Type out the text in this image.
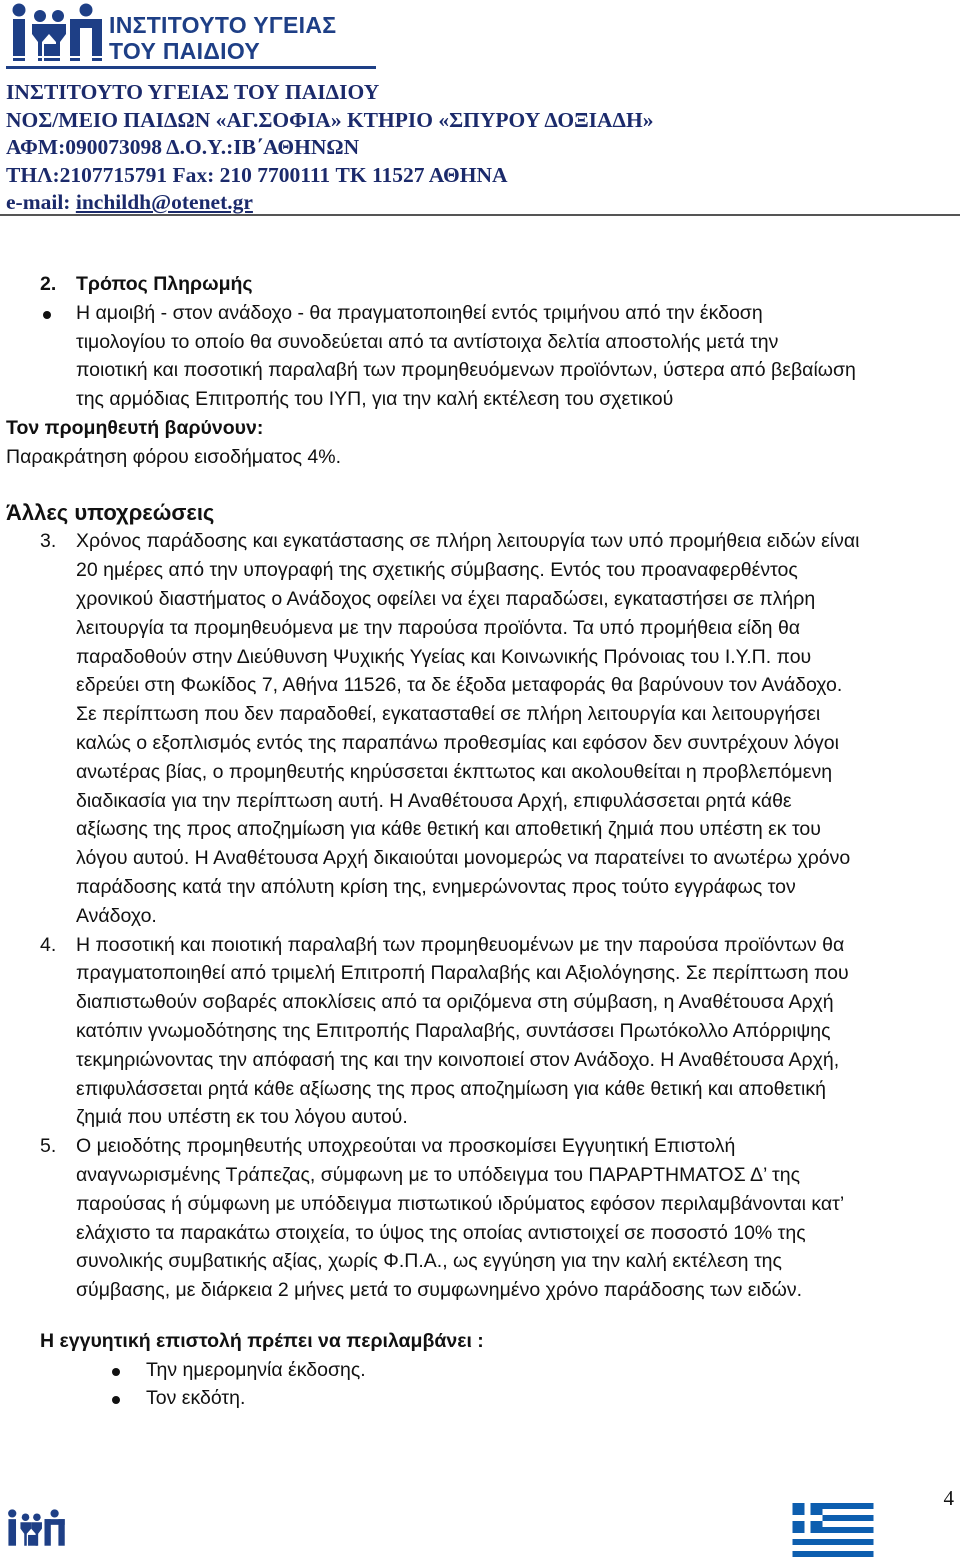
ΙΝΣΤΙΤΟΥΤΟ ΥΓΕΙΑΣ
ΤΟΥ ΠΑΙΔΙΟΥ
ΙΝΣΤΙΤΟΥΤΟ ΥΓΕΙΑΣ ΤΟΥ ΠΑΙΔΙΟΥ
ΝΟΣ/ΜΕΙΟ ΠΑΙΔΩΝ «ΑΓ.ΣΟΦΙΑ» ΚΤΗΡΙΟ «ΣΠΥΡΟΥ ΔΟΞΙΑΔΗ»
ΑΦΜ:090073098 Δ.Ο.Υ.:ΙΒ΄ΑΘΗΝΩΝ
ΤΗΛ:2107715791 Fax: 210 7700111 ΤΚ 11527 ΑΘΗΝΑ
e-mail: inchildh@otenet.gr
2. Τρόπος Πληρωμής
Η αμοιβή - στον ανάδοχο - θα πραγματοποιηθεί εντός τριμήνου από την έκδοση
τιμολογίου το οποίο θα συνοδεύεται από τα αντίστοιχα δελτία αποστολής μετά την
ποιοτική και ποσοτική παραλαβή των προμηθευόμενων προϊόντων, ύστερα από βεβαίωση
της αρμόδιας Επιτροπής του ΙΥΠ, για την καλή εκτέλεση του σχετικού
Τον προμηθευτή βαρύνουν:
Παρακράτηση φόρου εισοδήματος 4%.
Άλλες υποχρεώσεις
3.	Χρόνος παράδοσης και εγκατάστασης σε πλήρη λειτουργία των υπό προμήθεια ειδών είναι
20 ημέρες από την υπογραφή της σχετικής σύμβασης. Εντός του προαναφερθέντος
χρονικού διαστήματος ο Ανάδοχος οφείλει να έχει παραδώσει, εγκαταστήσει σε πλήρη
λειτουργία τα προμηθευόμενα με την παρούσα προϊόντα. Τα υπό προμήθεια είδη θα
παραδοθούν στην Διεύθυνση Ψυχικής Υγείας και Κοινωνικής Πρόνοιας του Ι.Υ.Π. που
εδρεύει στη Φωκίδος 7, Αθήνα 11526, τα δε έξοδα μεταφοράς θα βαρύνουν τον Ανάδοχο.
Σε περίπτωση που δεν παραδοθεί, εγκατασταθεί σε πλήρη λειτουργία και λειτουργήσει
καλώς ο εξοπλισμός εντός της παραπάνω προθεσμίας και εφόσον δεν συντρέχουν λόγοι
ανωτέρας βίας, ο προμηθευτής κηρύσσεται έκπτωτος και ακολουθείται η προβλεπόμενη
διαδικασία για την περίπτωση αυτή. Η Αναθέτουσα Αρχή, επιφυλάσσεται ρητά κάθε
αξίωσης της προς αποζημίωση για κάθε θετική και αποθετική ζημιά που υπέστη εκ του
λόγου αυτού. Η Αναθέτουσα Αρχή δικαιούται μονομερώς να παρατείνει το ανωτέρω χρόνο
παράδοσης κατά την απόλυτη κρίση της, ενημερώνοντας προς τούτο εγγράφως τον
Ανάδοχο.
4.	Η ποσοτική και ποιοτική παραλαβή των προμηθευομένων με την παρούσα προϊόντων θα
πραγματοποιηθεί από τριμελή Επιτροπή Παραλαβής και Αξιολόγησης. Σε περίπτωση που
διαπιστωθούν σοβαρές αποκλίσεις από τα οριζόμενα στη σύμβαση, η Αναθέτουσα Αρχή
κατόπιν γνωμοδότησης της Επιτροπής Παραλαβής, συντάσσει Πρωτόκολλο Απόρριψης
τεκμηριώνοντας την απόφασή της και την κοινοποιεί στον Ανάδοχο. Η Αναθέτουσα Αρχή,
επιφυλάσσεται ρητά κάθε αξίωσης της προς αποζημίωση για κάθε θετική και αποθετική
ζημιά που υπέστη εκ του λόγου αυτού.
5.	Ο μειοδότης προμηθευτής υποχρεούται να προσκομίσει Εγγυητική Επιστολή
αναγνωρισμένης Τράπεζας, σύμφωνη με το υπόδειγμα του ΠΑΡΑΡΤΗΜΑΤΟΣ Δ’ της
παρούσας ή σύμφωνη με υπόδειγμα πιστωτικού ιδρύματος εφόσον περιλαμβάνονται κατ’
ελάχιστο τα παρακάτω στοιχεία, το ύψος της οποίας αντιστοιχεί σε ποσοστό 10% της
συνολικής συμβατικής αξίας, χωρίς Φ.Π.Α., ως εγγύηση για την καλή εκτέλεση της
σύμβασης, με διάρκεια 2 μήνες μετά το συμφωνημένο χρόνο παράδοσης των ειδών.
Η εγγυητική επιστολή πρέπει να περιλαμβάνει :
Την ημερομηνία έκδοσης.
Τον εκδότη.
4
